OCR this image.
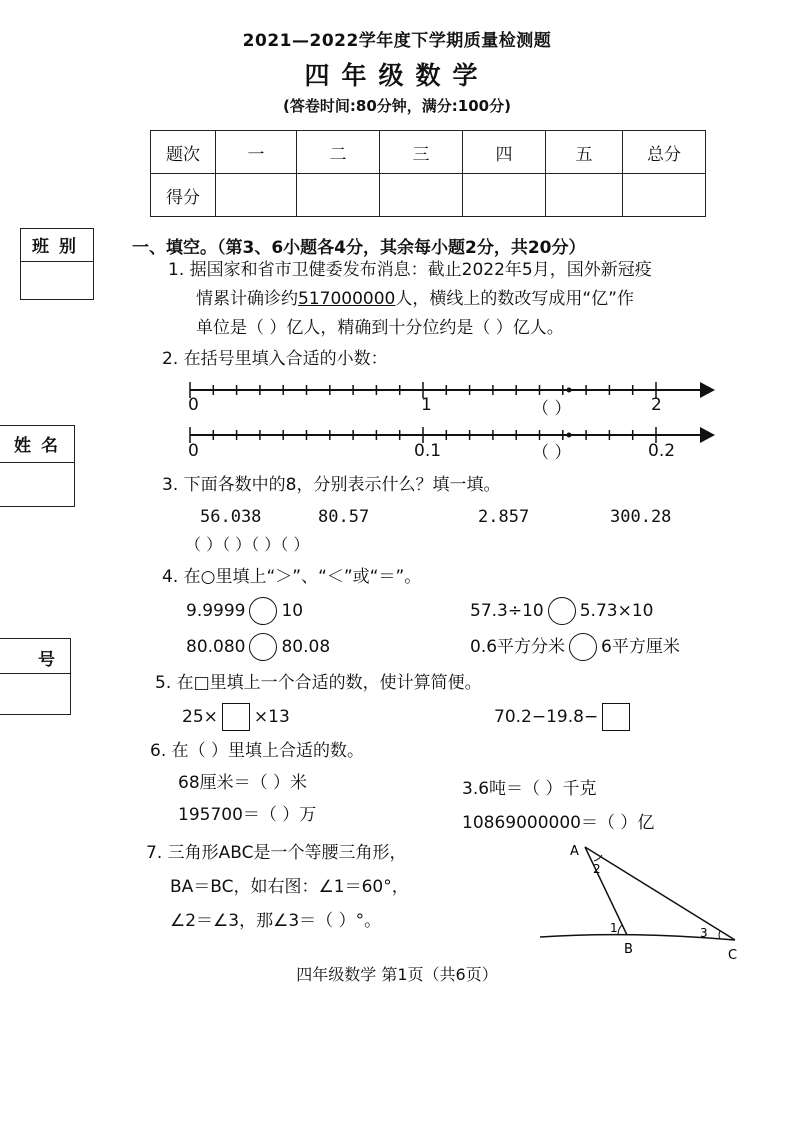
2021—2022学年度下学期质量检测题
四年级数学
(答卷时间:80分钟，满分:100分)
题次	一	二	三	四	五	总分
得分						
班别
姓名
号
一、填空。（第3、6小题各4分，其余每小题2分，共20分）
1. 据国家和省市卫健委发布消息：截止2022年5月，国外新冠疫
情累计确诊约517000000人，横线上的数改写成用“亿”作
单位是（ ）亿人，精确到十分位约是（ ）亿人。
2. 在括号里填入合适的小数：
0	1	2
（ ）
0	0.1	0.2
（ ）
3. 下面各数中的8，分别表示什么？填一填。
56.038	80.57	2.857	300.28
（ ）（ ）（ ）（ ）
4. 在○里填上“＞”、“＜”或“＝”。
9.9999 10	57.3÷10 5.73×10
80.080 80.08	0.6平方分米 6平方厘米
5. 在□里填上一个合适的数，使计算简便。
25× ×13	70.2−19.8−
6. 在（ ）里填上合适的数。
68厘米＝（ ）米	3.6吨＝（ ）千克
195700＝（ ）万	10869000000＝（ ）亿
7. 三角形ABC是一个等腰三角形，
BA＝BC，如右图：∠1＝60°，
∠2＝∠3，那∠3＝（ ）°。
A
B	C
1
2
3
四年级数学 第1页（共6页）
